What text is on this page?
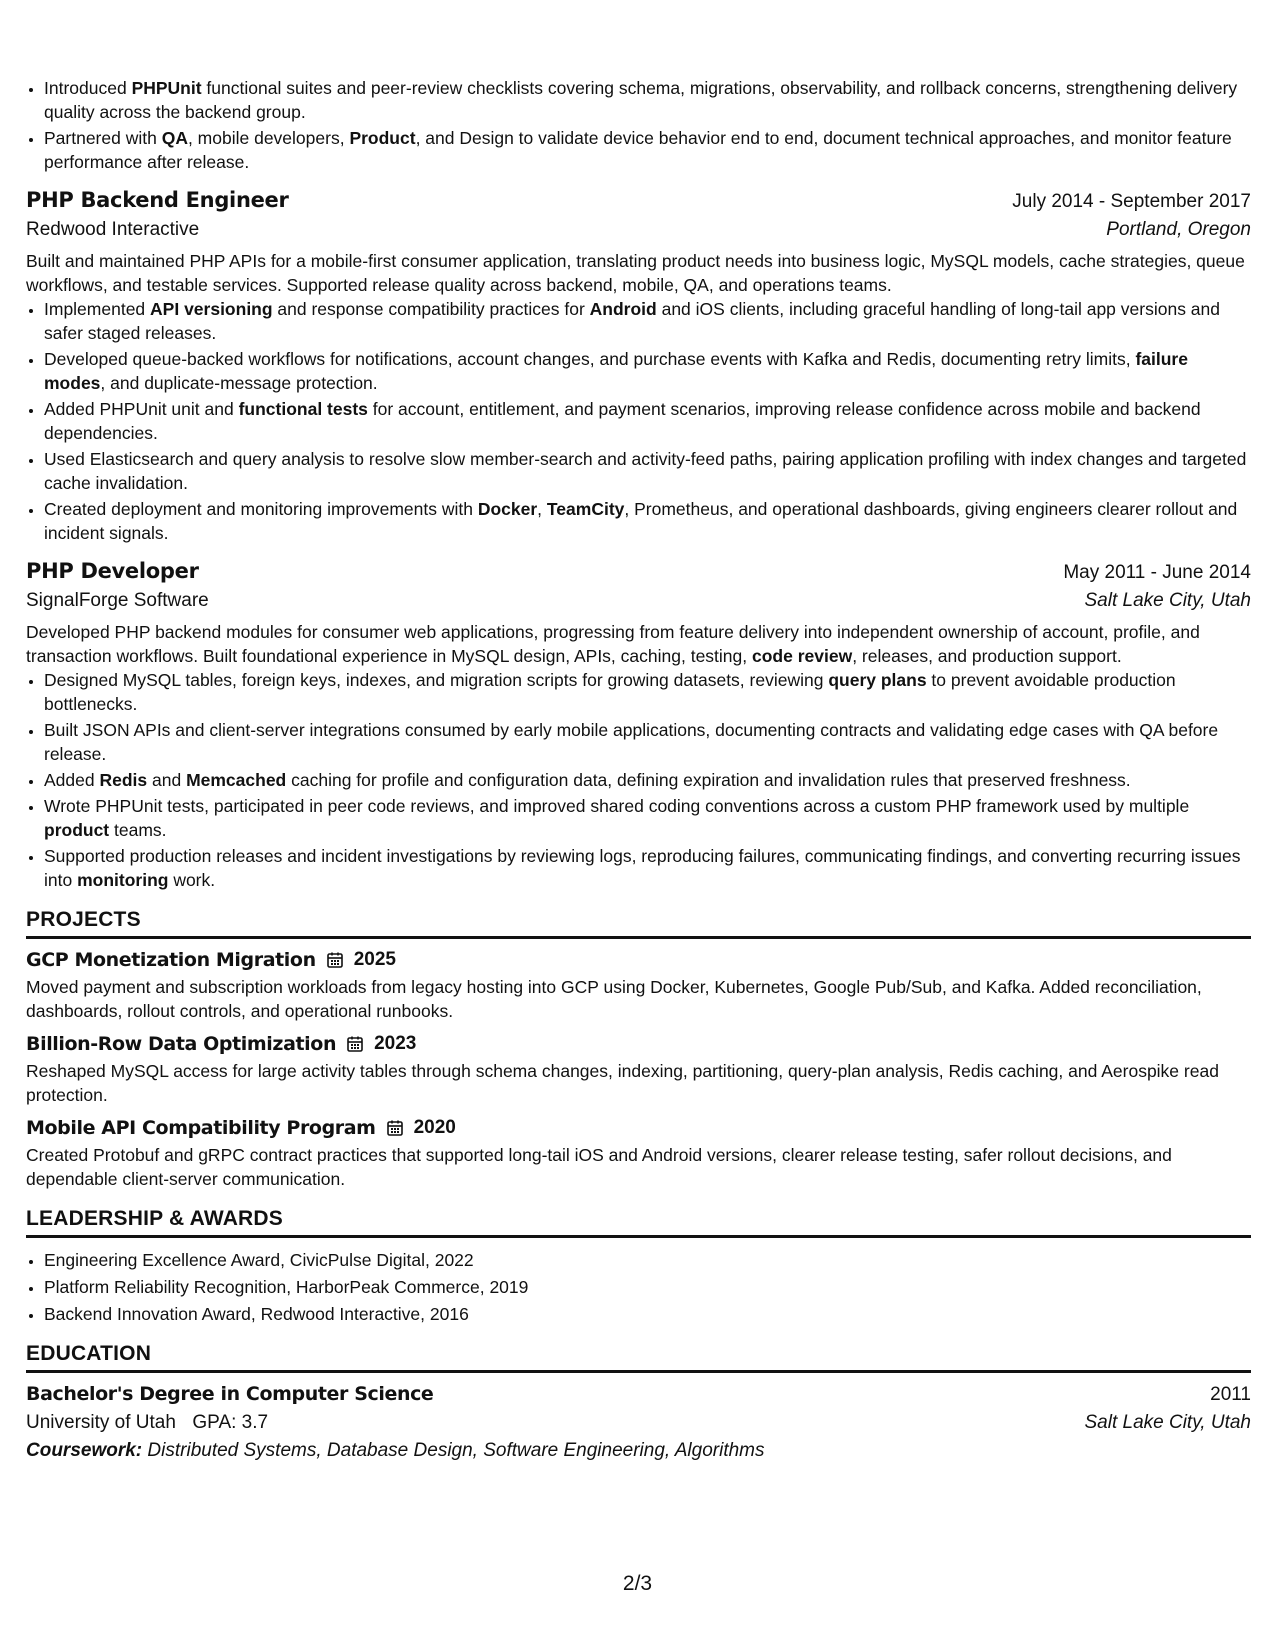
• Introduced PHPUnit functional suites and peer-review checklists covering schema, migrations, observability, and rollback concerns, strengthening delivery quality across the backend group.
• Partnered with QA, mobile developers, Product, and Design to validate device behavior end to end, document technical approaches, and monitor feature performance after release.
PHP Backend Engineer	July 2014 - September 2017
Redwood Interactive	Portland, Oregon
Built and maintained PHP APIs for a mobile-first consumer application, translating product needs into business logic, MySQL models, cache strategies, queue workflows, and testable services. Supported release quality across backend, mobile, QA, and operations teams.
• Implemented API versioning and response compatibility practices for Android and iOS clients, including graceful handling of long-tail app versions and safer staged releases.
• Developed queue-backed workflows for notifications, account changes, and purchase events with Kafka and Redis, documenting retry limits, failure modes, and duplicate-message protection.
• Added PHPUnit unit and functional tests for account, entitlement, and payment scenarios, improving release confidence across mobile and backend dependencies.
• Used Elasticsearch and query analysis to resolve slow member-search and activity-feed paths, pairing application profiling with index changes and targeted cache invalidation.
• Created deployment and monitoring improvements with Docker, TeamCity, Prometheus, and operational dashboards, giving engineers clearer rollout and incident signals.
PHP Developer	May 2011 - June 2014
SignalForge Software	Salt Lake City, Utah
Developed PHP backend modules for consumer web applications, progressing from feature delivery into independent ownership of account, profile, and transaction workflows. Built foundational experience in MySQL design, APIs, caching, testing, code review, releases, and production support.
• Designed MySQL tables, foreign keys, indexes, and migration scripts for growing datasets, reviewing query plans to prevent avoidable production bottlenecks.
• Built JSON APIs and client-server integrations consumed by early mobile applications, documenting contracts and validating edge cases with QA before release.
• Added Redis and Memcached caching for profile and configuration data, defining expiration and invalidation rules that preserved freshness.
• Wrote PHPUnit tests, participated in peer code reviews, and improved shared coding conventions across a custom PHP framework used by multiple product teams.
• Supported production releases and incident investigations by reviewing logs, reproducing failures, communicating findings, and converting recurring issues into monitoring work.
PROJECTS
GCP Monetization Migration 2025
Moved payment and subscription workloads from legacy hosting into GCP using Docker, Kubernetes, Google Pub/Sub, and Kafka. Added reconciliation, dashboards, rollout controls, and operational runbooks.
Billion-Row Data Optimization 2023
Reshaped MySQL access for large activity tables through schema changes, indexing, partitioning, query-plan analysis, Redis caching, and Aerospike read protection.
Mobile API Compatibility Program 2020
Created Protobuf and gRPC contract practices that supported long-tail iOS and Android versions, clearer release testing, safer rollout decisions, and dependable client-server communication.
LEADERSHIP & AWARDS
• Engineering Excellence Award, CivicPulse Digital, 2022
• Platform Reliability Recognition, HarborPeak Commerce, 2019
• Backend Innovation Award, Redwood Interactive, 2016
EDUCATION
Bachelor's Degree in Computer Science	2011
University of Utah GPA: 3.7	Salt Lake City, Utah
Coursework: Distributed Systems, Database Design, Software Engineering, Algorithms
2/3
